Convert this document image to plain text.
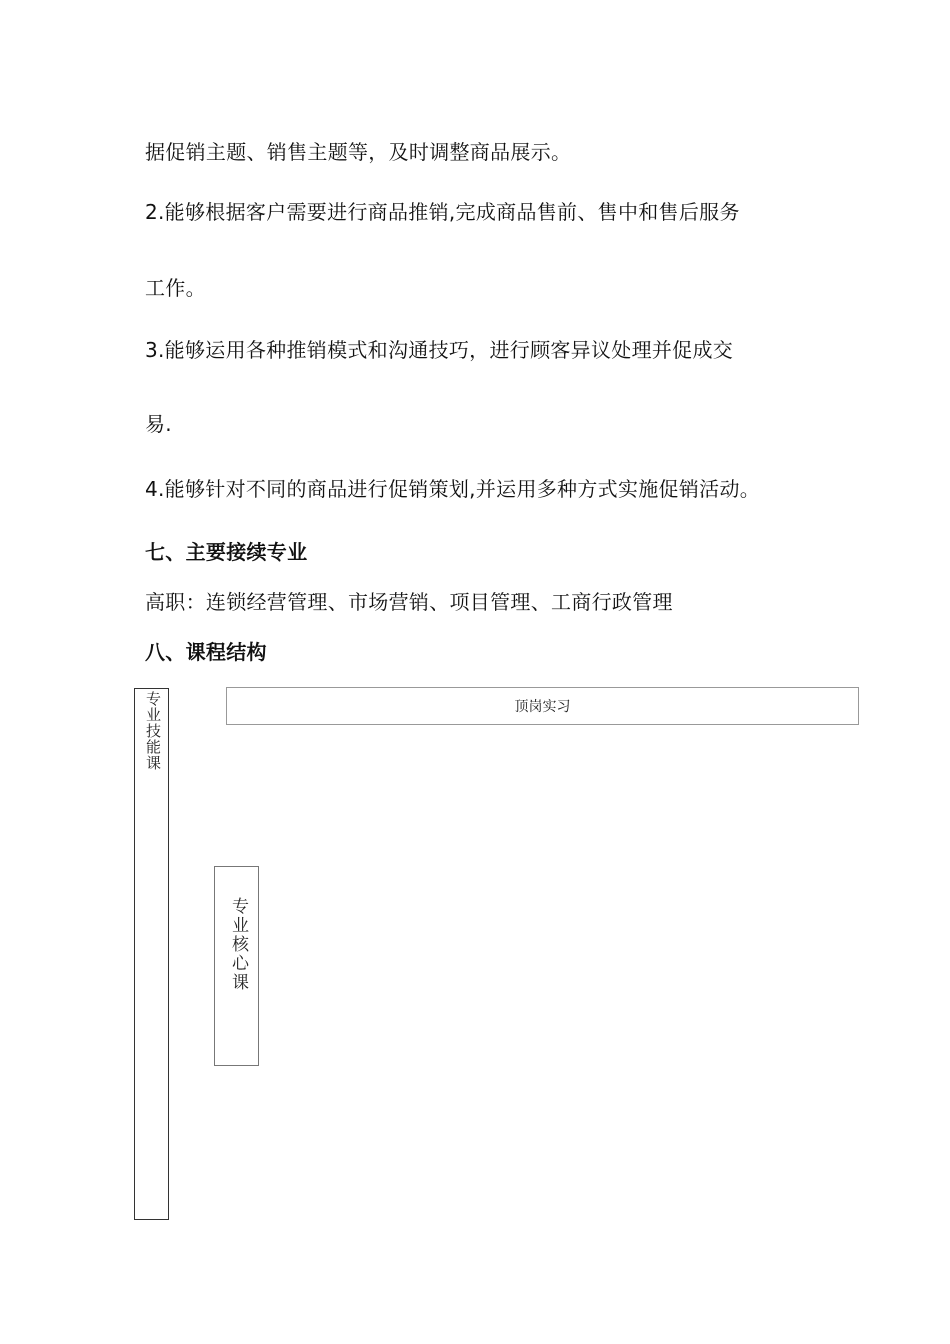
据促销主题、销售主题等，及时调整商品展示。
2.能够根据客户需要进行商品推销,完成商品售前、售中和售后服务
工作。
3.能够运用各种推销模式和沟通技巧，进行顾客异议处理并促成交
易.
4.能够针对不同的商品进行促销策划,并运用多种方式实施促销活动。
七、主要接续专业
高职：连锁经营管理、市场营销、项目管理、工商行政管理
八、课程结构
专业技能课	顶岗实习
专业核心课
